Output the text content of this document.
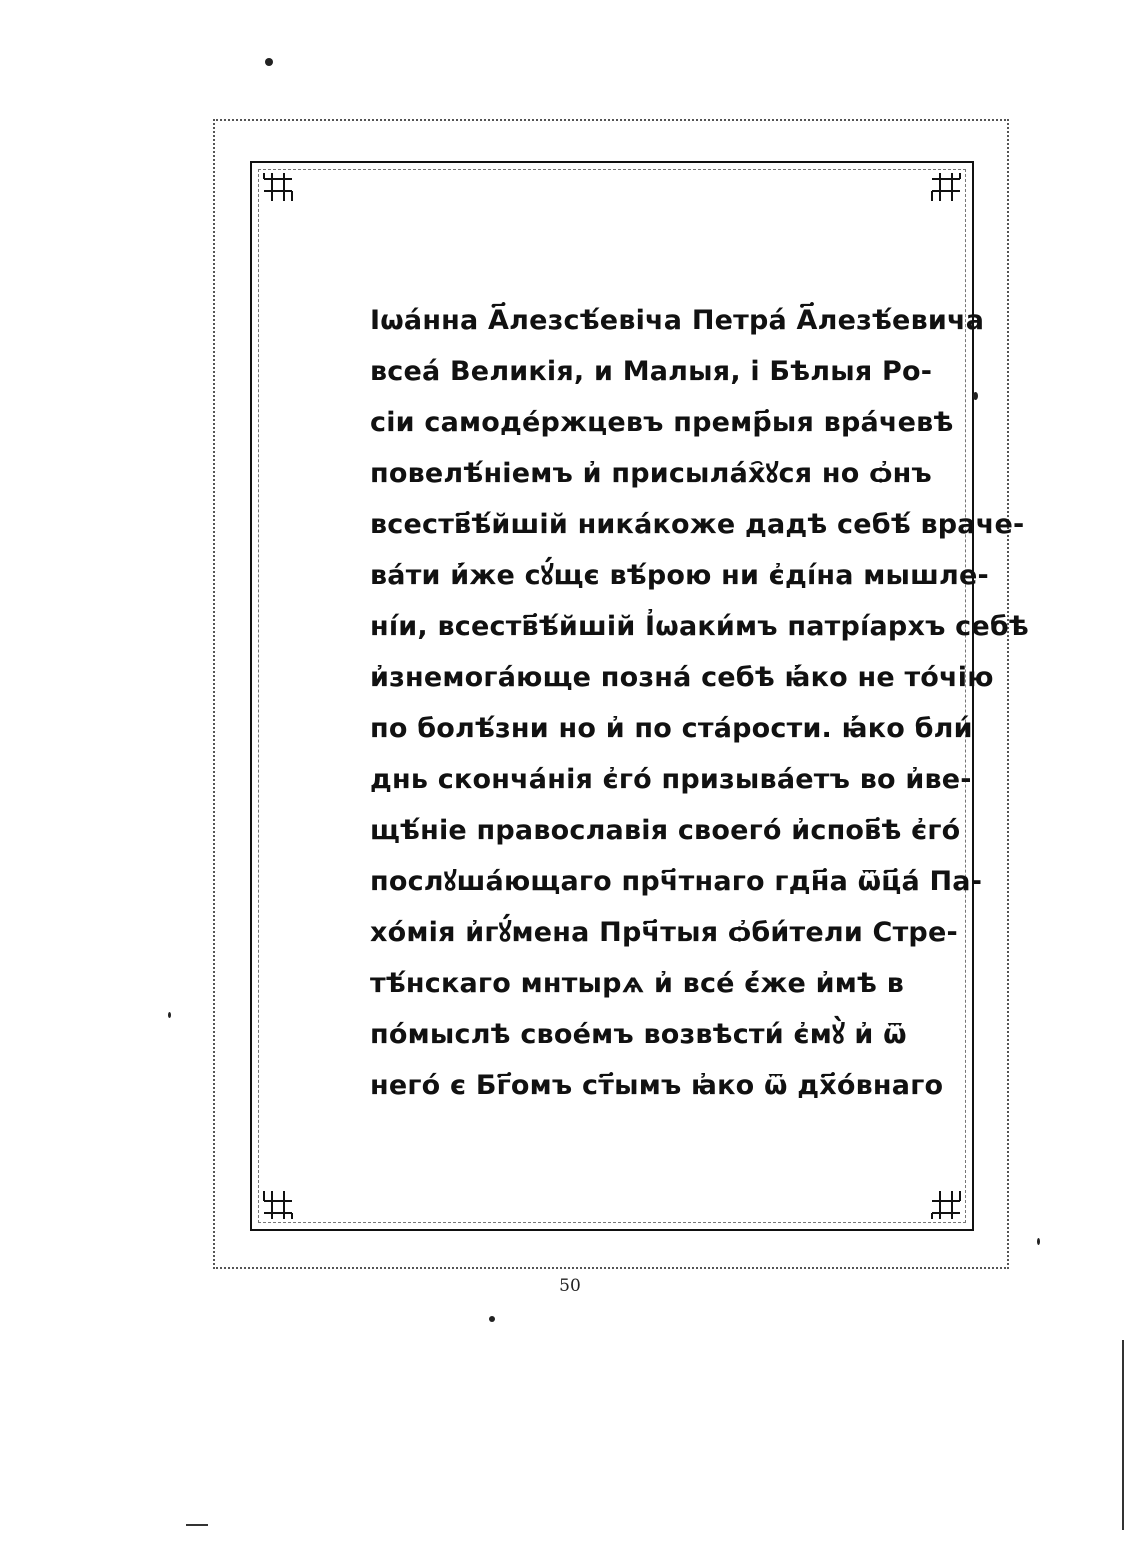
Іωа́нна А҃лезсѣ́евіча Петра́ А҃лезѣ́евича
всеа́ Великія, и Малыя, і Бѣлыя Ро-
сіи самодéржцевъ премр҃ыя врáчевѣ
повелѣ́ніемъ и҆ присылáх҄ꙋся но ѻ҆нъ
всеств҃ѣ́йшій никáкоже дадѣ себѣ́ враче-
вáти и҆́же сꙋ́щє вѣ́рою ни є҆ді́на мышле-
нíи, всеств҃ѣ́йшій І҆ѡаки́мъ патрíархъ себѣ
и҆знемогáюще познá себѣ ꙗ҆́ко не тóчію
по болѣ́зни но и҆ по стáрости. ꙗ҆́ко бли́
днь скончáнія є҆гó призывáетъ во и҆ве-
щѣ́ніе православія своегó и҆спов҃ѣ є҆гó
послꙋшáющаго прч҃тнаго гдн҃а ѿц҃á Па-
хóмія и҆гꙋ́мена Прч҃тыя ѻ҆би́тели Стре-
тѣ́нскаго мнтырѧ и҆ всé є҆́же и҆мѣ в
пóмыслѣ своéмъ возвѣсти́ є҆мꙋ̀ и҆ ѿ
негó є Бг҃омъ ст҃ымъ ꙗ҆ко ѿ дх҃óвнаго
50
